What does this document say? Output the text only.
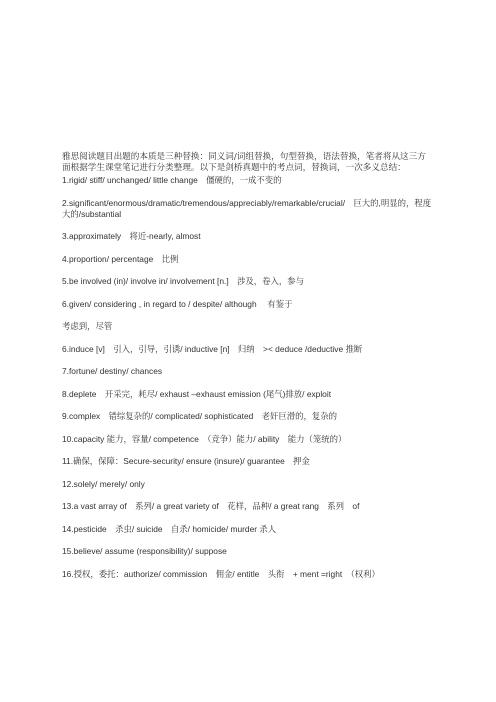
雅思阅读题目出题的本质是三种替换：同义词/词组替换，句型替换，语法替换，笔者将从这三方面根据学生课堂笔记进行分类整理。以下是剑桥真题中的考点词，替换词，一次多义总结：

1.rigid/ stiff/ unchanged/ little change　僵硬的，一成不变的

2.significant/enormous/dramatic/tremendous/appreciably/remarkable/crucial/　巨大的,明显的，程度大的/substantial

3.approximately　将近-nearly, almost

4.proportion/ percentage　比例

5.be involved (in)/ involve in/ involvement [n.]　涉及，卷入，参与

6.given/ considering , in regard to / despite/ although　 有鉴于

考虑到，尽管

6.induce [v]　引入，引导，引诱/ inductive [n]　归纳　>< deduce /deductive 推断

7.fortune/ destiny/ chances

8.deplete　开采完，耗尽/ exhaust –exhaust emission (尾气)排放/ exploit

9.complex　错综复杂的/ complicated/ sophisticated　老奸巨滑的，复杂的

10.capacity 能力，容量/ competence　（竞争）能力/ ability　能力（笼统的）

11.确保，保障：Secure-security/ ensure (insure)/ guarantee　押金

12.solely/ merely/ only

13.a vast array of　系列/ a great variety of　花样，品种/ a great rang　系列　of

14.pesticide　杀虫/ suicide　自杀/ homicide/ murder 杀人

15.believe/ assume (responsibility)/ suppose

16.授权，委托：authorize/ commission　佣金/ entitle　头衔　+ ment =right　（权利）
